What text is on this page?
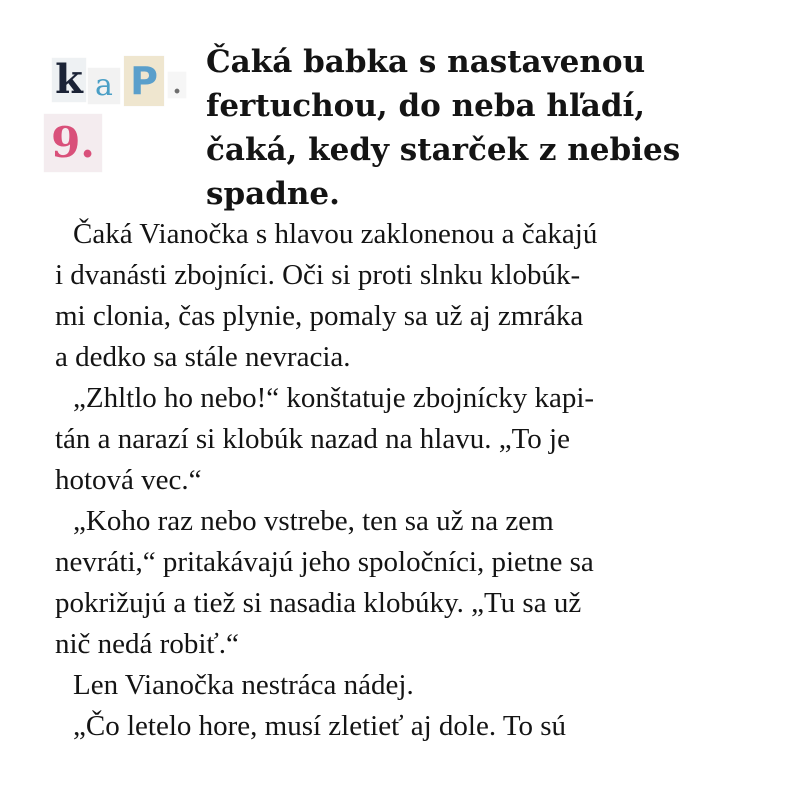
k a P .
9.
Čaká babka s nastavenou
fertuchou, do neba hľadí,
čaká, kedy starček z nebies
spadne.
Čaká Vianočka s hlavou zaklonenou a čakajú
i dvanásti zbojníci. Oči si proti slnku klobúk-
mi clonia, čas plynie, pomaly sa už aj zmráka
a dedko sa stále nevracia.
„Zhltlo ho nebo!“ konštatuje zbojnícky kapi-
tán a narazí si klobúk nazad na hlavu. „To je
hotová vec.“
„Koho raz nebo vstrebe, ten sa už na zem
nevráti,“ pritakávajú jeho spoločníci, pietne sa
pokrižujú a tiež si nasadia klobúky. „Tu sa už
nič nedá robiť.“
Len Vianočka nestráca nádej.
„Čo letelo hore, musí zletieť aj dole. To sú
